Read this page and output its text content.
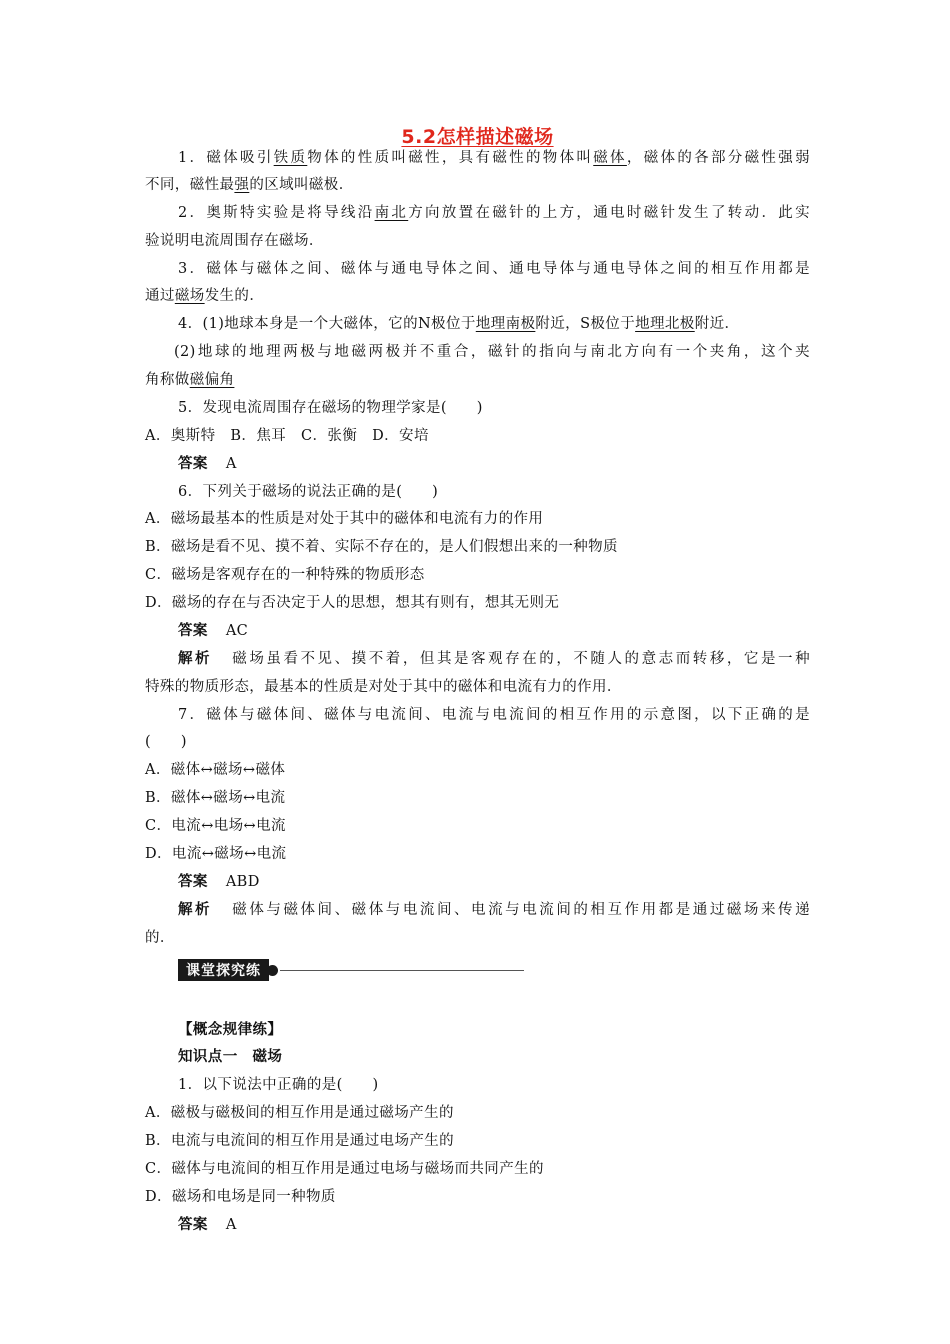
5.2怎样描述磁场
1．磁体吸引铁质物体的性质叫磁性，具有磁性的物体叫磁体，磁体的各部分磁性强弱
不同，磁性最强的区域叫磁极．
2．奥斯特实验是将导线沿南北方向放置在磁针的上方，通电时磁针发生了转动．此实
验说明电流周围存在磁场．
3．磁体与磁体之间、磁体与通电导体之间、通电导体与通电导体之间的相互作用都是
通过磁场发生的．
4．(1)地球本身是一个大磁体，它的N极位于地理南极附近，S极位于地理北极附近．
(2)地球的地理两极与地磁两极并不重合，磁针的指向与南北方向有一个夹角，这个夹
角称做磁偏角
5．发现电流周围存在磁场的物理学家是(　　)
A．奥斯特　B．焦耳　C．张衡　D．安培
答案 A
6．下列关于磁场的说法正确的是(　　)
A．磁场最基本的性质是对处于其中的磁体和电流有力的作用
B．磁场是看不见、摸不着、实际不存在的，是人们假想出来的一种物质
C．磁场是客观存在的一种特殊的物质形态
D．磁场的存在与否决定于人的思想，想其有则有，想其无则无
答案 AC
解析 磁场虽看不见、摸不着，但其是客观存在的，不随人的意志而转移，它是一种
特殊的物质形态，最基本的性质是对处于其中的磁体和电流有力的作用．
7．磁体与磁体间、磁体与电流间、电流与电流间的相互作用的示意图，以下正确的是
(　　)
A．磁体↔磁场↔磁体
B．磁体↔磁场↔电流
C．电流↔电场↔电流
D．电流↔磁场↔电流
答案 ABD
解析 磁体与磁体间、磁体与电流间、电流与电流间的相互作用都是通过磁场来传递
的．
课堂探究练
【概念规律练】
知识点一　磁场
1．以下说法中正确的是(　　)
A．磁极与磁极间的相互作用是通过磁场产生的
B．电流与电流间的相互作用是通过电场产生的
C．磁体与电流间的相互作用是通过电场与磁场而共同产生的
D．磁场和电场是同一种物质
答案 A
